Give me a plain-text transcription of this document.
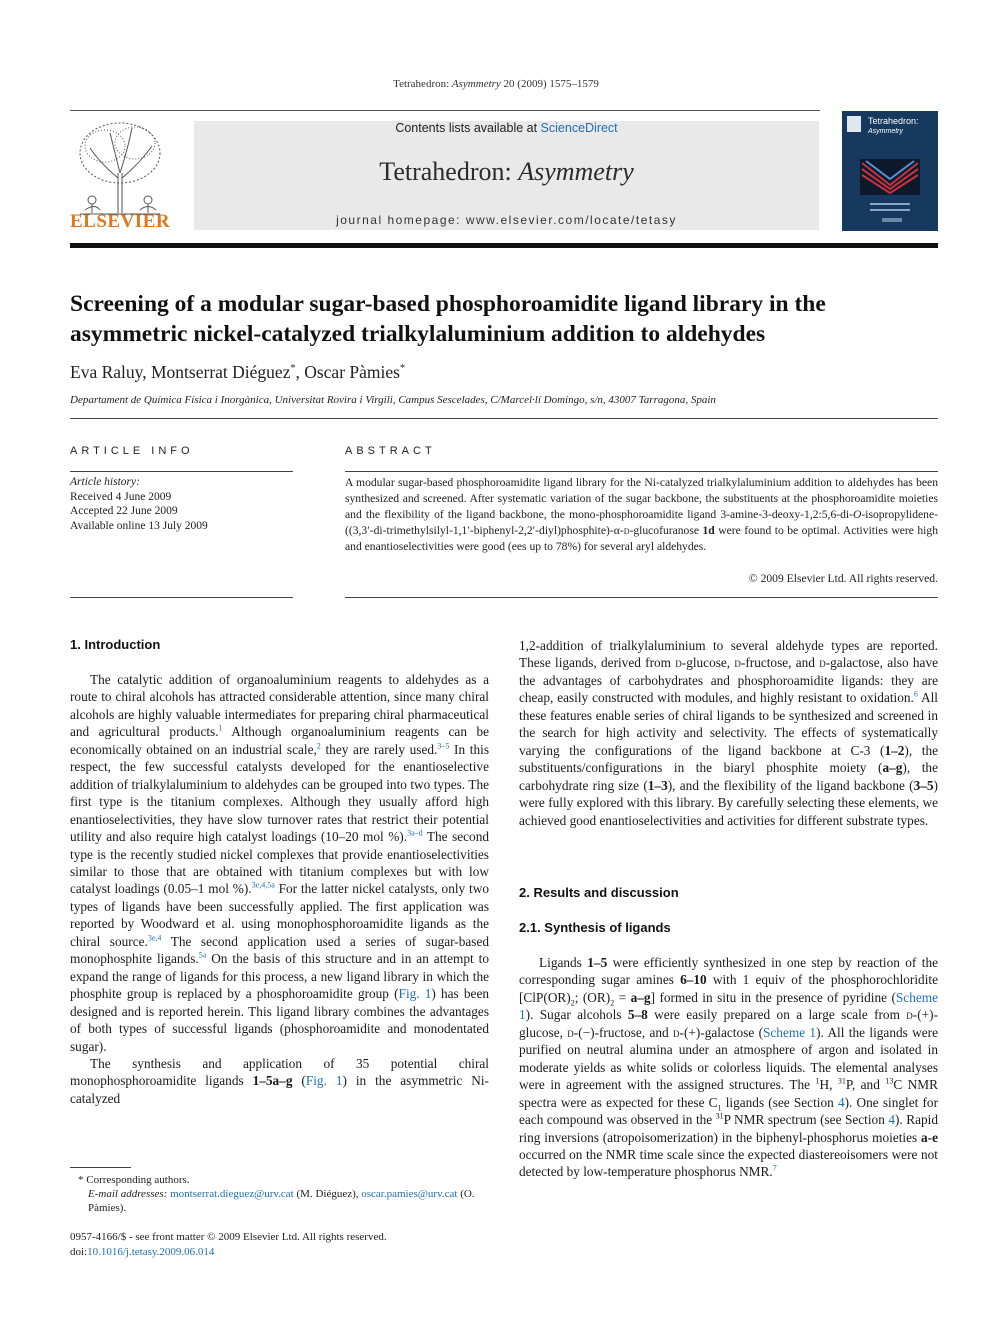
Tetrahedron: Asymmetry 20 (2009) 1575–1579
ELSEVIER
Contents lists available at ScienceDirect
Tetrahedron: Asymmetry
journal homepage: www.elsevier.com/locate/tetasy
Tetrahedron:
Asymmetry
Screening of a modular sugar-based phosphoroamidite ligand library in the asymmetric nickel-catalyzed trialkylaluminium addition to aldehydes
Eva Raluy, Montserrat Diéguez*, Oscar Pàmies*
Departament de Química Física i Inorgànica, Universitat Rovira i Virgili, Campus Sescelades, C/Marcel·lí Domingo, s/n, 43007 Tarragona, Spain
ARTICLE INFO
Article history:
Received 4 June 2009
Accepted 22 June 2009
Available online 13 July 2009
ABSTRACT
A modular sugar-based phosphoroamidite ligand library for the Ni-catalyzed trialkylaluminium addition to aldehydes has been synthesized and screened. After systematic variation of the sugar backbone, the substituents at the phosphoroamidite moieties and the flexibility of the ligand backbone, the mono-phosphoroamidite ligand 3-amine-3-deoxy-1,2:5,6-di-O-isopropylidene-((3,3′-di-trimethylsilyl-1,1′-biphenyl-2,2′-diyl)phosphite)-α-d-glucofuranose 1d were found to be optimal. Activities were high and enantioselectivities were good (ees up to 78%) for several aryl aldehydes.
© 2009 Elsevier Ltd. All rights reserved.
1. Introduction

The catalytic addition of organoaluminium reagents to aldehydes as a route to chiral alcohols has attracted considerable attention, since many chiral alcohols are highly valuable intermediates for preparing chiral pharmaceutical and agricultural products.$^1$ Although organoaluminium reagents can be economically obtained on an industrial scale,$^2$ they are rarely used.$^{3-5}$ In this respect, the few successful catalysts developed for the enantioselective addition of trialkylaluminium to aldehydes can be grouped into two types. The first type is the titanium complexes. Although they usually afford high enantioselectivities, they have slow turnover rates that restrict their potential utility and also require high catalyst loadings (10–20 mol %).$^{3a-d}$ The second type is the recently studied nickel complexes that provide enantioselectivities similar to those that are obtained with titanium complexes but with low catalyst loadings (0.05–1 mol %).$^{3e,4,5a}$ For the latter nickel catalysts, only two types of ligands have been successfully applied. The first application was reported by Woodward et al. using monophosphoroamidite ligands as the chiral source.$^{3e,4}$ The second application used a series of sugar-based monophosphite ligands.$^{5a}$ On the basis of this structure and in an attempt to expand the range of ligands for this process, a new ligand library in which the phosphite group is replaced by a phosphoroamidite group (Fig. 1) has been designed and is reported herein. This ligand library combines the advantages of both types of successful ligands (phosphoroamidite and monodentated sugar).

The synthesis and application of 35 potential chiral monophosphoroamidite ligands 1–5a–g (Fig. 1) in the asymmetric Ni-catalyzed

* Corresponding authors.
E-mail addresses: montserrat.dieguez@urv.cat (M. Diéguez), oscar.pamies@urv.cat (O. Pàmies).
0957-4166/$ - see front matter © 2009 Elsevier Ltd. All rights reserved.
doi:10.1016/j.tetasy.2009.06.014

1,2-addition of trialkylaluminium to several aldehyde types are reported. These ligands, derived from d-glucose, d-fructose, and d-galactose, also have the advantages of carbohydrates and phosphoroamidite ligands: they are cheap, easily constructed with modules, and highly resistant to oxidation.$^6$ All these features enable series of chiral ligands to be synthesized and screened in the search for high activity and selectivity. The effects of systematically varying the configurations of the ligand backbone at C-3 (1–2), the substituents/configurations in the biaryl phosphite moiety (a–g), the carbohydrate ring size (1–3), and the flexibility of the ligand backbone (3–5) were fully explored with this library. By carefully selecting these elements, we achieved good enantioselectivities and activities for different substrate types.

2. Results and discussion
2.1. Synthesis of ligands

Ligands 1–5 were efficiently synthesized in one step by reaction of the corresponding sugar amines 6–10 with 1 equiv of the phosphorochloridite [$ClP(OR)_2$; $(OR)_2 = a-g$] formed in situ in the presence of pyridine (Scheme 1). Sugar alcohols 5–8 were easily prepared on a large scale from d-(+)-glucose, d-(−)-fructose, and d-(+)-galactose (Scheme 1). All the ligands were purified on neutral alumina under an atmosphere of argon and isolated in moderate yields as white solids or colorless liquids. The elemental analyses were in agreement with the assigned structures. The $^1$H, $^{31}$P, and $^{13}$C NMR spectra were as expected for these $C_1$ ligands (see Section 4). One singlet for each compound was observed in the $^{31}$P NMR spectrum (see Section 4). Rapid ring inversions (atropoisomerization) in the biphenyl-phosphorus moieties a-e occurred on the NMR time scale since the expected diastereoisomers were not detected by low-temperature phosphorus NMR.$^7$
